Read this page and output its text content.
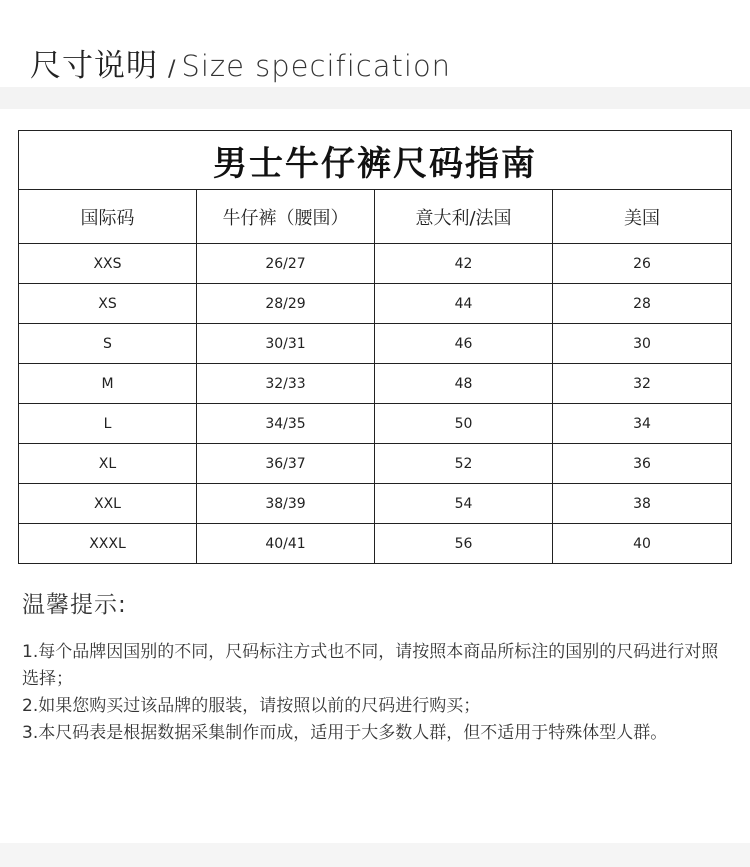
尺寸说明 / Size specification
男士牛仔裤尺码指南			
国际码	牛仔裤（腰围）	意大利/法国	美国
XXS	26/27	42	26
XS	28/29	44	28
S	30/31	46	30
M	32/33	48	32
L	34/35	50	34
XL	36/37	52	36
XXL	38/39	54	38
XXXL	40/41	56	40
温馨提示:
1.每个品牌因国别的不同，尺码标注方式也不同，请按照本商品所标注的国别的尺码进行对照选择；
2.如果您购买过该品牌的服装，请按照以前的尺码进行购买；
3.本尺码表是根据数据采集制作而成，适用于大多数人群，但不适用于特殊体型人群。
